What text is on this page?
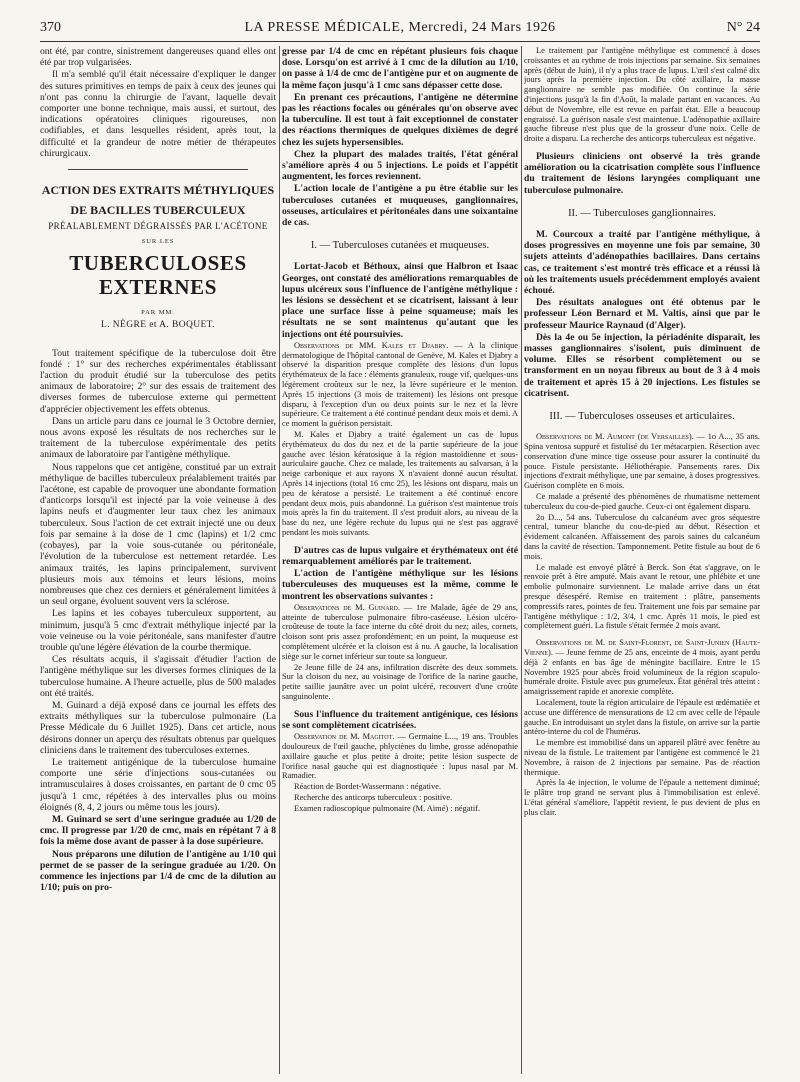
370	LA PRESSE MÉDICALE, Mercredi, 24 Mars 1926	N° 24

ont été, par contre, sinistrement dangereuses quand elles ont été par trop vulgarisées.

Il m'a semblé qu'il était nécessaire d'expliquer le danger des sutures primitives en temps de paix à ceux des jeunes qui n'ont pas connu la chirurgie de l'avant, laquelle devait comporter une bonne technique, mais aussi, et surtout, des indications opératoires cliniques rigoureuses, non codifiables, et dans lesquelles résident, après tout, la difficulté et la grandeur de notre métier de thérapeutes chirurgicaux.

ACTION DES EXTRAITS MÉTHYLIQUES
DE BACILLES TUBERCULEUX
PRÉALABLEMENT DÉGRAISSÉS PAR L'ACÉTONE
SUR LES
TUBERCULOSES EXTERNES
PAR MM.
L. NÈGRE et A. BOQUET.

Tout traitement spécifique de la tuberculose doit être fondé : 1° sur des recherches expérimentales établissant l'action du produit étudié sur la tuberculose des petits animaux de laboratoire; 2° sur des essais de traitement des diverses formes de tuberculose externe qui permettent d'apprécier objectivement les effets obtenus.

Dans un article paru dans ce journal le 3 Octobre dernier, nous avons exposé les résultats de nos recherches sur le traitement de la tuberculose expérimentale des petits animaux de laboratoire par l'antigène méthylique.

Nous rappelons que cet antigène, constitué par un extrait méthylique de bacilles tuberculeux préalablement traités par l'acétone, est capable de provoquer une abondante formation d'anticorps lorsqu'il est injecté par la voie veineuse à des lapins neufs et d'augmenter leur taux chez les animaux tuberculeux. Sous l'action de cet extrait injecté une ou deux fois par semaine à la dose de 1 cmc (lapins) et 1/2 cmc (cobayes), par la voie sous-cutanée ou péritonéale, l'évolution de la tuberculose est nettement retardée. Les animaux traités, les lapins principalement, survivent plusieurs mois aux témoins et leurs lésions, moins nombreuses que chez ces derniers et généralement limitées à un seul organe, évoluent souvent vers la sclérose.

Les lapins et les cobayes tuberculeux supportent, au minimum, jusqu'à 5 cmc d'extrait méthylique injecté par la voie veineuse ou la voie péritonéale, sans manifester d'autre trouble qu'une légère élévation de la courbe thermique.

Ces résultats acquis, il s'agissait d'étudier l'action de l'antigène méthylique sur les diverses formes cliniques de la tuberculose humaine. A l'heure actuelle, plus de 500 malades ont été traités.

M. Guinard a déjà exposé dans ce journal les effets des extraits méthyliques sur la tuberculose pulmonaire (La Presse Médicale du 6 Juillet 1925). Dans cet article, nous désirons donner un aperçu des résultats obtenus par quelques cliniciens dans le traitement des tuberculoses externes.

Le traitement antigénique de la tuberculose humaine comporte une série d'injections sous-cutanées ou intramusculaires à doses croissantes, en partant de 0 cmc 05 jusqu'à 1 cmc, répétées à des intervalles plus ou moins éloignés (8, 4, 2 jours ou même tous les jours).

M. Guinard se sert d'une seringue graduée au 1/20 de cmc. Il progresse par 1/20 de cmc, mais en répétant 7 à 8 fois la même dose avant de passer à la dose supérieure.

Nous préparons une dilution de l'antigène au 1/10 qui permet de se passer de la seringue graduée au 1/20. On commence les injections par 1/4 de cmc de la dilution au 1/10; puis on pro-

gresse par 1/4 de cmc en répétant plusieurs fois chaque dose. Lorsqu'on est arrivé à 1 cmc de la dilution au 1/10, on passe à 1/4 de cmc de l'antigène pur et on augmente de la même façon jusqu'à 1 cmc sans dépasser cette dose.

En prenant ces précautions, l'antigène ne détermine pas les réactions focales ou générales qu'on observe avec la tuberculine. Il est tout à fait exceptionnel de constater des réactions thermiques de quelques dixièmes de degré chez les sujets hypersensibles.

Chez la plupart des malades traités, l'état général s'améliore après 4 ou 5 injections. Le poids et l'appétit augmentent, les forces reviennent.

L'action locale de l'antigène a pu être établie sur les tuberculoses cutanées et muqueuses, ganglionnaires, osseuses, articulaires et péritonéales dans une soixantaine de cas.

I. — Tuberculoses cutanées et muqueuses.

Lortat-Jacob et Béthoux, ainsi que Halbron et Isaac Georges, ont constaté des améliorations remarquables de lupus ulcéreux sous l'influence de l'antigène méthylique : les lésions se dessèchent et se cicatrisent, laissant à leur place une surface lisse à peine squameuse; mais les résultats ne se sont maintenus qu'autant que les injections ont été poursuivies.

Observations de MM. Kales et Djabry. — A la clinique dermatologique de l'hôpital cantonal de Genève, M. Kales et Djabry a observé la disparition presque complète des lésions d'un lupus érythémateux de la face : éléments granuleux, rouge vif, quelques-uns légèrement croûteux sur le nez, la lèvre supérieure et le menton. Après 15 injections (3 mois de traitement) les lésions ont presque disparu, à l'exception d'un ou deux points sur le nez et la lèvre supérieure. Ce traitement a été continué pendant deux mois et demi. A ce moment la guérison persistait.

M. Kales et Djabry a traité également un cas de lupus érythémateux du dos du nez et de la partie supérieure de la joue gauche avec lésion kératosique à la région mastoïdienne et sous-auriculaire gauche. Chez ce malade, les traitements au salvarsan, à la neige carbonique et aux rayons X n'avaient donné aucun résultat. Après 14 injections (total 16 cmc 25), les lésions ont disparu, mais un peu de kératose a persisté. Le traitement a été continué encore pendant deux mois, puis abandonné. La guérison s'est maintenue trois mois après la fin du traitement. Il s'est produit alors, au niveau de la base du nez, une légère rechute du lupus qui ne s'est pas aggravé pendant les mois suivants.

D'autres cas de lupus vulgaire et érythémateux ont été remarquablement améliorés par le traitement.

L'action de l'antigène méthylique sur les lésions tuberculeuses des muqueuses est la même, comme le montrent les observations suivantes :

Observations de M. Guinard. — 1re Malade, âgée de 29 ans, atteinte de tuberculose pulmonaire fibro-caséeuse. Lésion ulcéro-croûteuse de toute la face interne du côté droit du nez; ailes, cornets, cloison sont pris assez profondément; en un point, la muqueuse est complètement ulcérée et la cloison est à nu. A gauche, la localisation siège sur le cornet inférieur sur toute sa longueur.

2e Jeune fille de 24 ans, infiltration discrète des deux sommets. Sur la cloison du nez, au voisinage de l'orifice de la narine gauche, petite saillie jaunâtre avec un point ulcéré, recouvert d'une croûte sanguinolente.

Sous l'influence du traitement antigénique, ces lésions se sont complètement cicatrisées.

Observation de M. Magitot. — Germaine L..., 19 ans. Troubles douloureux de l'œil gauche, phlyctènes du limbe, grosse adénopathie axillaire gauche et plus petite à droite; petite lésion suspecte de l'orifice nasal gauche qui est diagnostiquée : lupus nasal par M. Ramadier.

Réaction de Bordet-Wassermann : négative.

Recherche des anticorps tuberculeux : positive.

Examen radioscopique pulmonaire (M. Aimé) : négatif.

Le traitement par l'antigène méthylique est commencé à doses croissantes et au rythme de trois injections par semaine. Six semaines après (début de Juin), il n'y a plus trace de lupus. L'œil s'est calmé dix jours après la première injection. Du côté axillaire, la masse ganglionnaire ne semble pas modifiée. On continue la série d'injections jusqu'à la fin d'Août, la malade partant en vacances. Au début de Novembre, elle est revue en parfait état. Elle a beaucoup engraissé. La guérison nasale s'est maintenue. L'adénopathie axillaire gauche fibreuse n'est plus que de la grosseur d'une noix. Celle de droite a disparu. La recherche des anticorps tuberculeux est négative.

Plusieurs cliniciens ont observé la très grande amélioration ou la cicatrisation complète sous l'influence du traitement de lésions laryngées compliquant une tuberculose pulmonaire.

II. — Tuberculoses ganglionnaires.

M. Courcoux a traité par l'antigène méthylique, à doses progressives en moyenne une fois par semaine, 30 sujets atteints d'adénopathies bacillaires. Dans certains cas, ce traitement s'est montré très efficace et a réussi là où les traitements usuels précédemment employés avaient échoué.

Des résultats analogues ont été obtenus par le professeur Léon Bernard et M. Valtis, ainsi que par le professeur Maurice Raynaud (d'Alger).

Dès la 4e ou 5e injection, la périadénite disparaît, les masses ganglionnaires s'isolent, puis diminuent de volume. Elles se résorbent complètement ou se transforment en un noyau fibreux au bout de 3 à 4 mois de traitement et après 15 à 20 injections. Les fistules se cicatrisent.

III. — Tuberculoses osseuses et articulaires.

Observations de M. Aumont (de Versailles). — 1o A..., 35 ans. Spina ventosa suppuré et fistulisé du 1er métacarpien. Résection avec conservation d'une mince tige osseuse pour assurer la continuité du pouce. Fistule persistante. Héliothérapie. Pansements rares. Dix injections d'extrait méthylique, une par semaine, à doses progressives. Guérison complète en 6 mois.

Ce malade a présenté des phénomènes de rhumatisme nettement tuberculeux du cou-de-pied gauche. Ceux-ci ont également disparu.

2o D..., 54 ans. Tuberculose du calcanéum avec gros séquestre central, tumeur blanche du cou-de-pied au début. Résection et évidement calcanéen. Affaissement des parois saines du calcanéum dans la cavité de résection. Tamponnement. Petite fistule au bout de 6 mois.

Le malade est envoyé plâtré à Berck. Son état s'aggrave, on le renvoie prêt à être amputé. Mais avant le retour, une phlébite et une embolie pulmonaire surviennent. Le malade arrive dans un état presque désespéré. Remise en traitement : plâtre, pansements compressifs rares, pointes de feu. Traitement une fois par semaine par l'antigène méthylique : 1/2, 3/4, 1 cmc. Après 11 mois, le pied est complètement guéri. La fistule s'était fermée 2 mois avant.

Observations de M. de Saint-Florent, de Saint-Junien (Haute-Vienne). — Jeune femme de 25 ans, enceinte de 4 mois, ayant perdu déjà 2 enfants en bas âge de méningite bacillaire. Entre le 15 Novembre 1925 pour abcès froid volumineux de la région scapulo-humérale droite. Fistule avec pus grumeleux. État général très atteint : amaigrissement rapide et anorexie complète.

Localement, toute la région articulaire de l'épaule est œdématiée et accuse une différence de mensurations de 12 cm avec celle de l'épaule gauche. En introduisant un stylet dans la fistule, on arrive sur la partie antéro-interne du col de l'humérus.

Le membre est immobilisé dans un appareil plâtré avec fenêtre au niveau de la fistule. Le traitement par l'antigène est commencé le 21 Novembre, à raison de 2 injections par semaine. Pas de réaction thermique.

Après la 4e injection, le volume de l'épaule a nettement diminué; le plâtre trop grand ne servant plus à l'immobilisation est enlevé. L'état général s'améliore, l'appétit revient, le pus devient de plus en plus clair.
